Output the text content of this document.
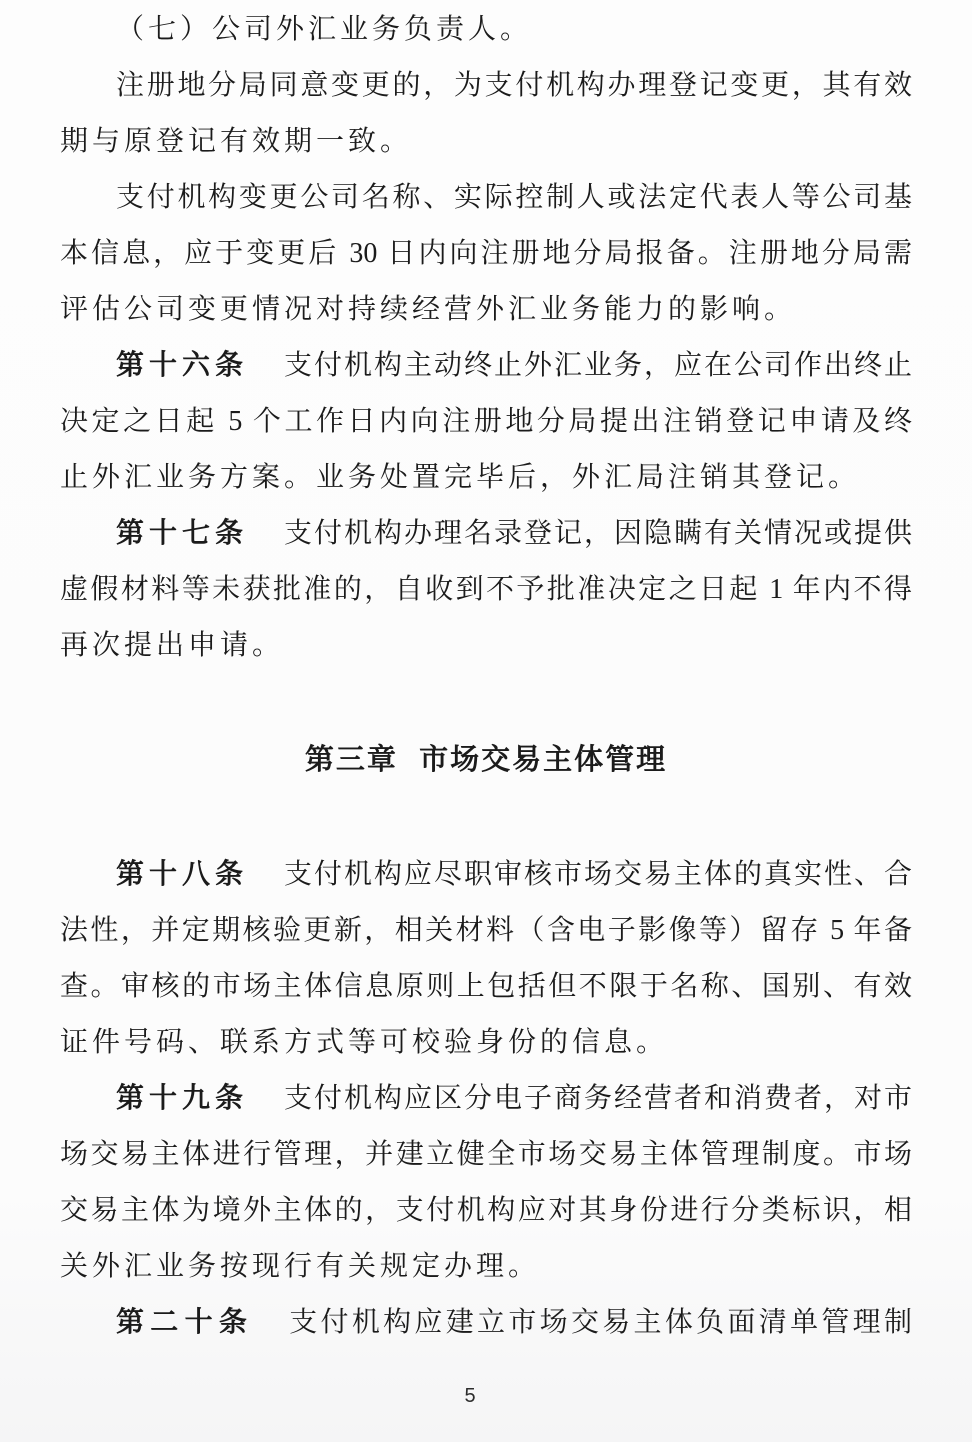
（七）公司外汇业务负责人。
注册地分局同意变更的，为支付机构办理登记变更，其有效
期与原登记有效期一致。
支付机构变更公司名称、实际控制人或法定代表人等公司基
本信息，应于变更后 30 日内向注册地分局报备。注册地分局需
评估公司变更情况对持续经营外汇业务能力的影响。
第十六条 支付机构主动终止外汇业务，应在公司作出终止
决定之日起 5 个工作日内向注册地分局提出注销登记申请及终
止外汇业务方案。业务处置完毕后，外汇局注销其登记。
第十七条 支付机构办理名录登记，因隐瞒有关情况或提供
虚假材料等未获批准的，自收到不予批准决定之日起 1 年内不得
再次提出申请。
第三章 市场交易主体管理
第十八条 支付机构应尽职审核市场交易主体的真实性、合
法性，并定期核验更新，相关材料（含电子影像等）留存 5 年备
查。审核的市场主体信息原则上包括但不限于名称、国别、有效
证件号码、联系方式等可校验身份的信息。
第十九条 支付机构应区分电子商务经营者和消费者，对市
场交易主体进行管理，并建立健全市场交易主体管理制度。市场
交易主体为境外主体的，支付机构应对其身份进行分类标识，相
关外汇业务按现行有关规定办理。
第二十条 支付机构应建立市场交易主体负面清单管理制
5
